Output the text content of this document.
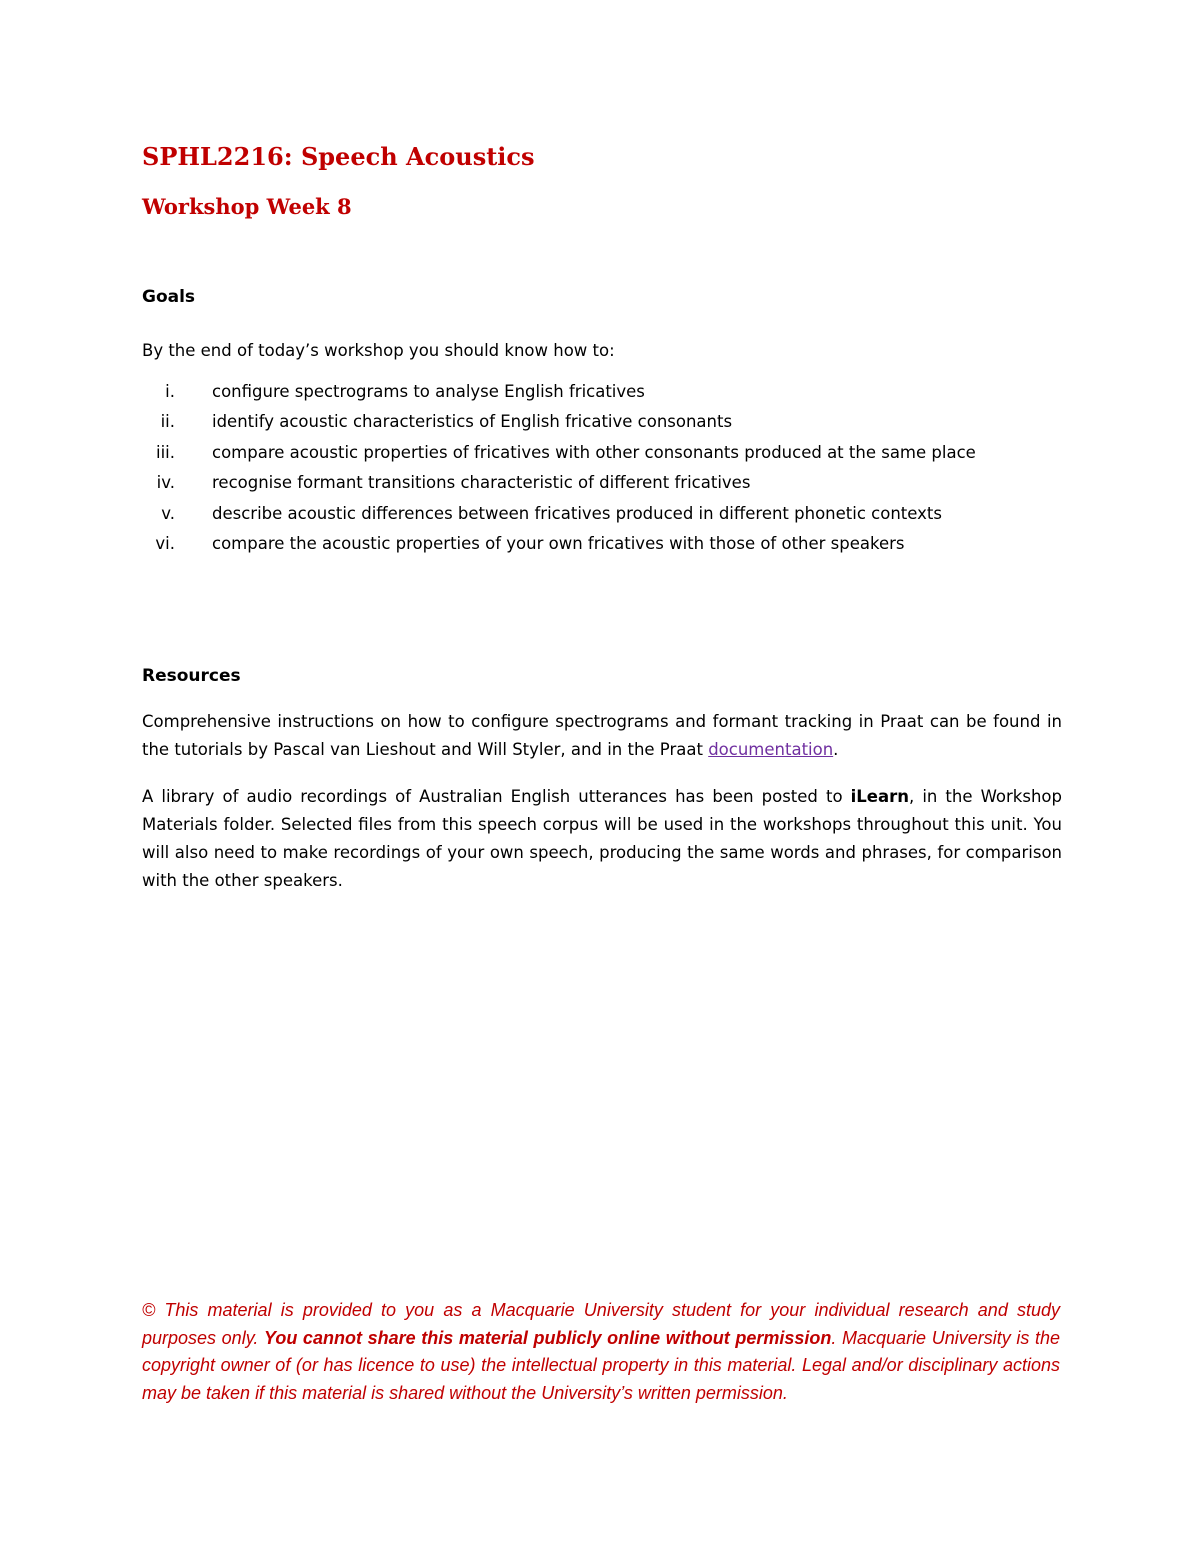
SPHL2216: Speech Acoustics
Workshop Week 8
Goals
By the end of today’s workshop you should know how to:
i. configure spectrograms to analyse English fricatives
ii. identify acoustic characteristics of English fricative consonants
iii. compare acoustic properties of fricatives with other consonants produced at the same place
iv. recognise formant transitions characteristic of different fricatives
v. describe acoustic differences between fricatives produced in different phonetic contexts
vi. compare the acoustic properties of your own fricatives with those of other speakers
Resources

Comprehensive instructions on how to configure spectrograms and formant tracking in Praat can be found in the tutorials by Pascal van Lieshout and Will Styler, and in the Praat documentation.

A library of audio recordings of Australian English utterances has been posted to iLearn, in the Workshop Materials folder. Selected files from this speech corpus will be used in the workshops throughout this unit. You will also need to make recordings of your own speech, producing the same words and phrases, for comparison with the other speakers.

© This material is provided to you as a Macquarie University student for your individual research and study purposes only. You cannot share this material publicly online without permission. Macquarie University is the copyright owner of (or has licence to use) the intellectual property in this material. Legal and/or disciplinary actions may be taken if this material is shared without the University’s written permission.
